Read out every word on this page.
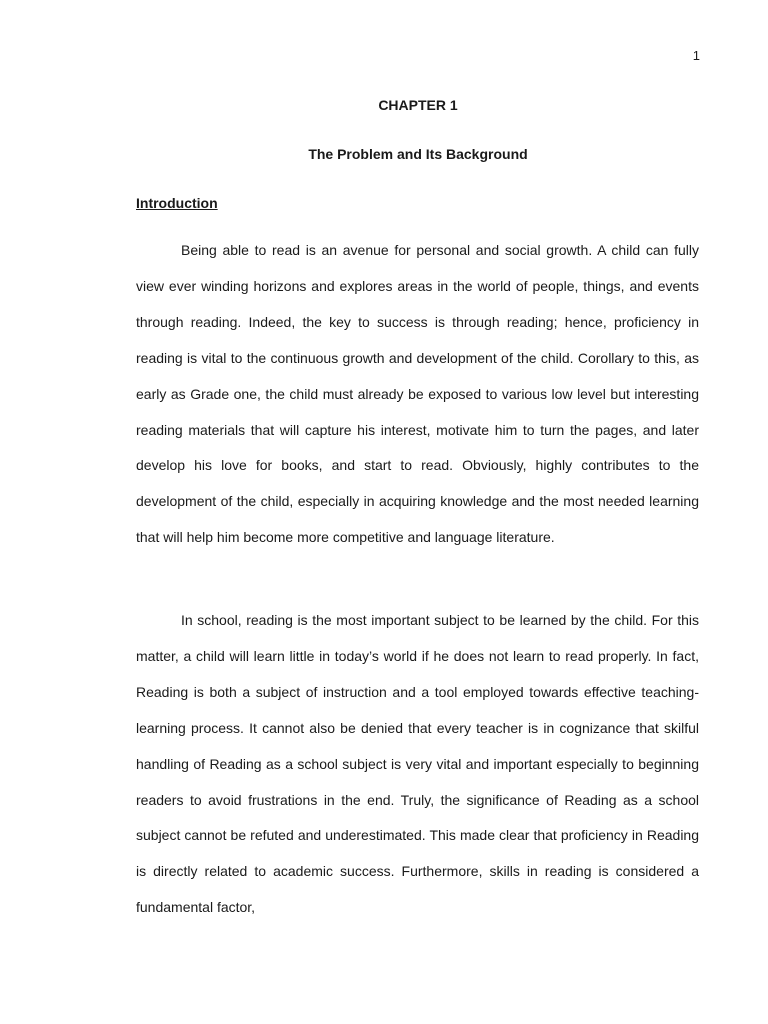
1
CHAPTER 1
The Problem and Its Background
Introduction

Being able to read is an avenue for personal and social growth. A child can fully view ever winding horizons and explores areas in the world of people, things, and events through reading. Indeed, the key to success is through reading; hence, proficiency in reading is vital to the continuous growth and development of the child. Corollary to this, as early as Grade one, the child must already be exposed to various low level but interesting reading materials that will capture his interest, motivate him to turn the pages, and later develop his love for books, and start to read. Obviously, highly contributes to the development of the child, especially in acquiring knowledge and the most needed learning that will help him become more competitive and language literature.

In school, reading is the most important subject to be learned by the child. For this matter, a child will learn little in today’s world if he does not learn to read properly. In fact, Reading is both a subject of instruction and a tool employed towards effective teaching- learning process. It cannot also be denied that every teacher is in cognizance that skilful handling of Reading as a school subject is very vital and important especially to beginning readers to avoid frustrations in the end. Truly, the significance of Reading as a school subject cannot be refuted and underestimated. This made clear that proficiency in Reading is directly related to academic success. Furthermore, skills in reading is considered a fundamental factor,
